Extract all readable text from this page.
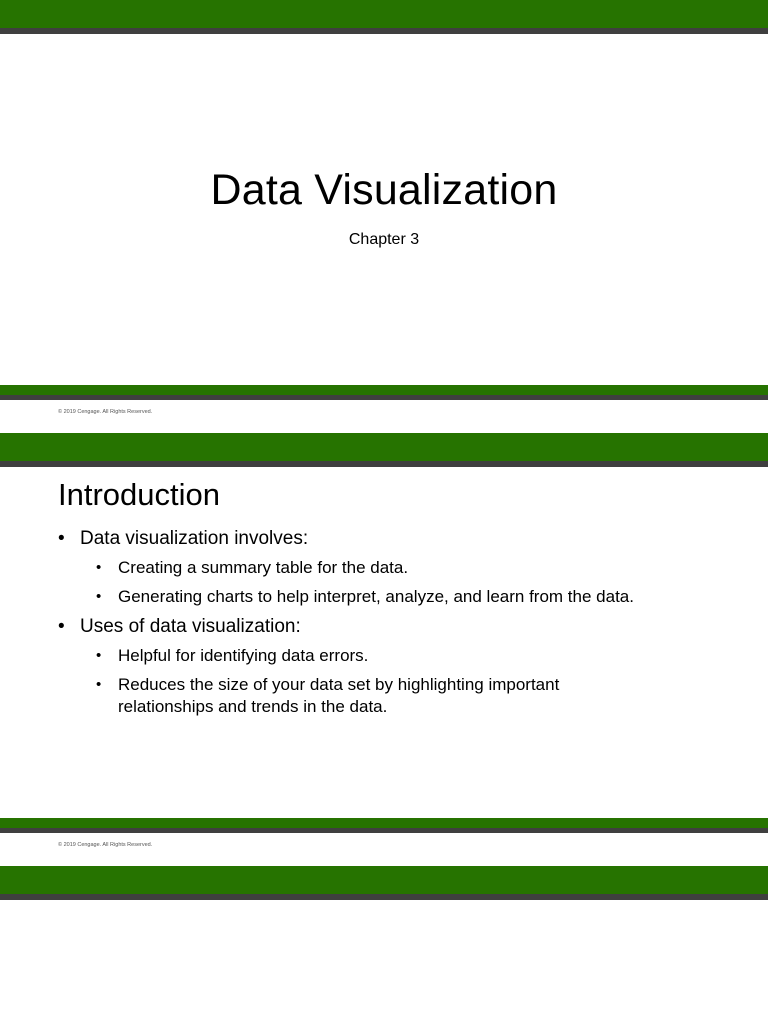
Data Visualization
Chapter 3
© 2019 Cengage. All Rights Reserved.
Introduction
• Data visualization involves:
• Creating a summary table for the data.
• Generating charts to help interpret, analyze, and learn from the data.
• Uses of data visualization:
• Helpful for identifying data errors.
• Reduces the size of your data set by highlighting important relationships and trends in the data.
© 2019 Cengage. All Rights Reserved.
